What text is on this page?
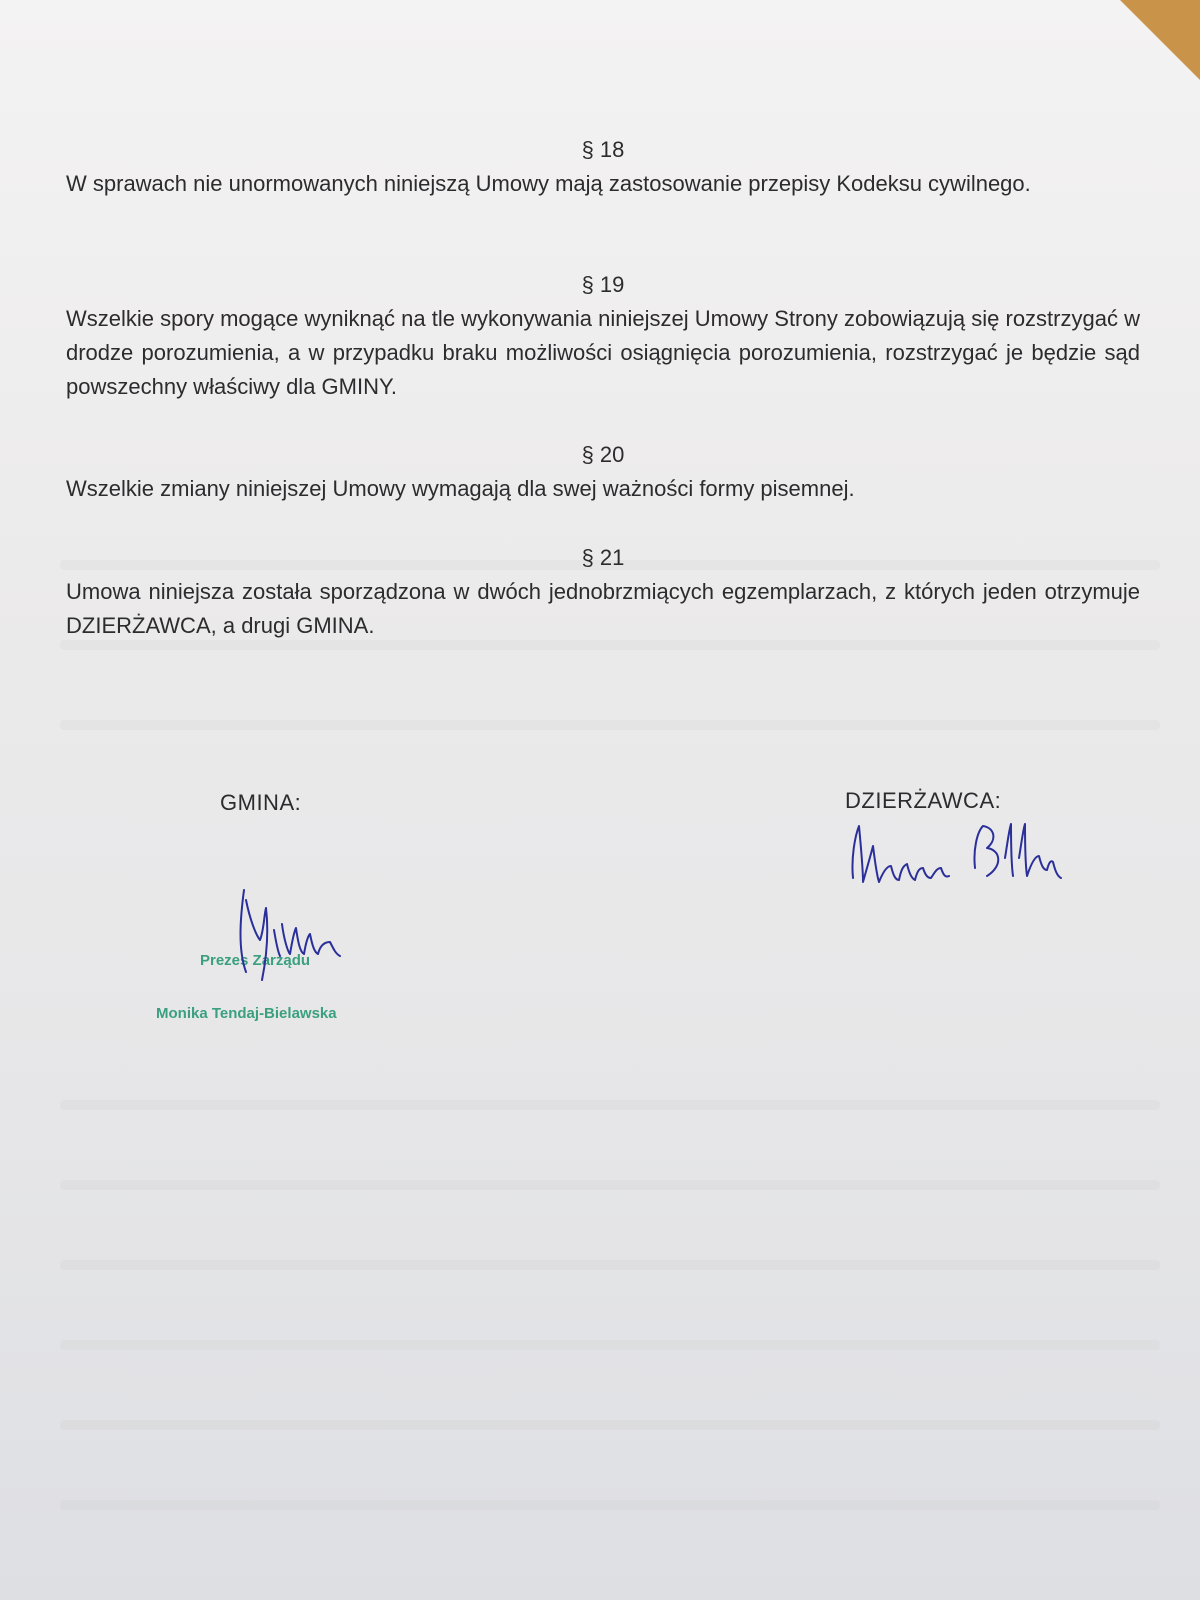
§ 18

W sprawach nie unormowanych niniejszą Umowy mają zastosowanie przepisy Kodeksu cywilnego.

§ 19

Wszelkie spory mogące wyniknąć na tle wykonywania niniejszej Umowy Strony zobowiązują się rozstrzygać w drodze porozumienia, a w przypadku braku możliwości osiągnięcia porozumienia, rozstrzygać je będzie sąd powszechny właściwy dla GMINY.

§ 20

Wszelkie zmiany niniejszej Umowy wymagają dla swej ważności formy pisemnej.

§ 21

Umowa niniejsza została sporządzona w dwóch jednobrzmiących egzemplarzach, z których jeden otrzymuje DZIERŻAWCA, a drugi GMINA.

GMINA:	DZIERŻAWCA:
Prezes Zarządu
Monika Tendaj-Bielawska
